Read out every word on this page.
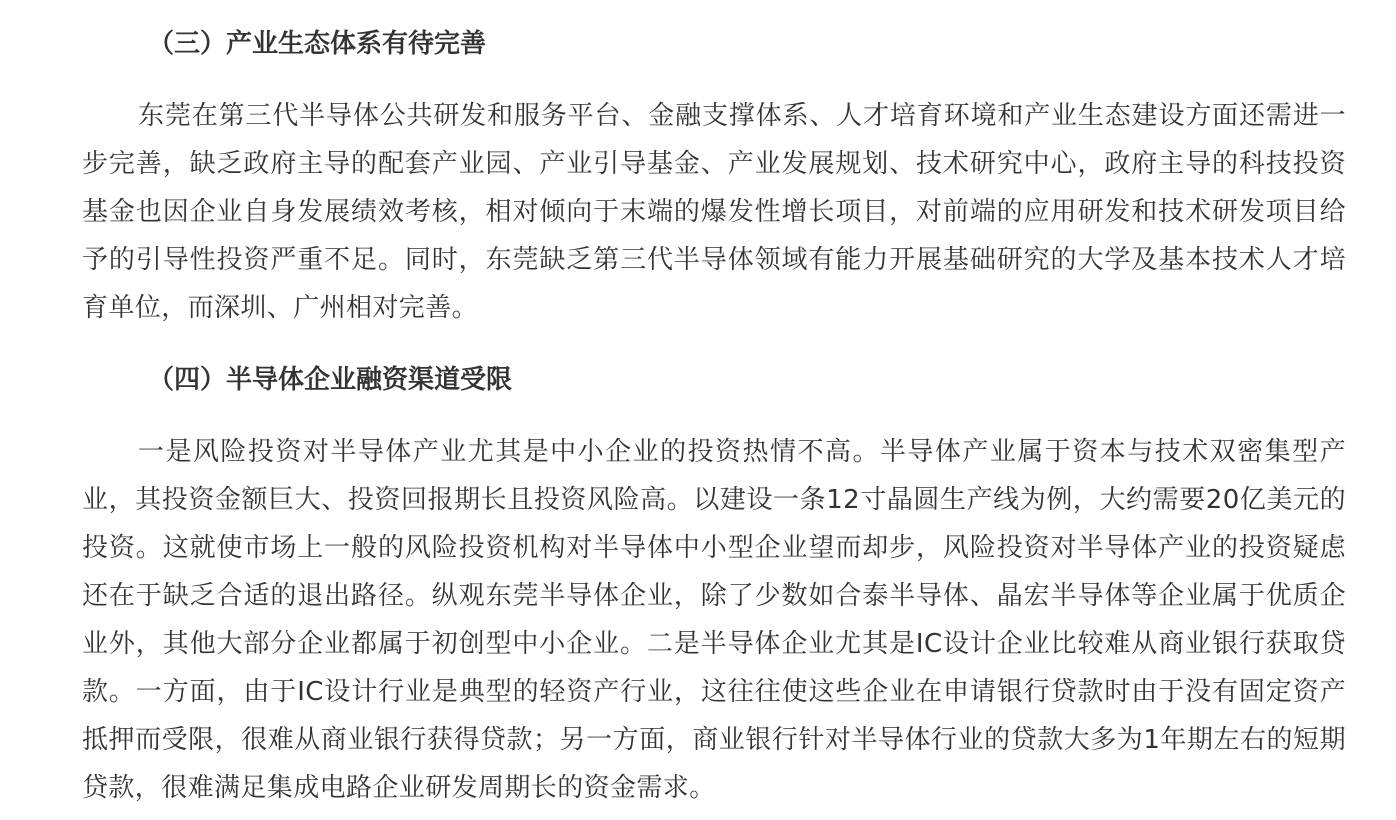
（三）产业生态体系有待完善

东莞在第三代半导体公共研发和服务平台、金融支撑体系、人才培育环境和产业生态建设方面还需进一步完善，缺乏政府主导的配套产业园、产业引导基金、产业发展规划、技术研究中心，政府主导的科技投资基金也因企业自身发展绩效考核，相对倾向于末端的爆发性增长项目，对前端的应用研发和技术研发项目给予的引导性投资严重不足。同时，东莞缺乏第三代半导体领域有能力开展基础研究的大学及基本技术人才培育单位，而深圳、广州相对完善。

（四）半导体企业融资渠道受限

一是风险投资对半导体产业尤其是中小企业的投资热情不高。半导体产业属于资本与技术双密集型产业，其投资金额巨大、投资回报期长且投资风险高。以建设一条12寸晶圆生产线为例，大约需要20亿美元的投资。这就使市场上一般的风险投资机构对半导体中小型企业望而却步，风险投资对半导体产业的投资疑虑还在于缺乏合适的退出路径。纵观东莞半导体企业，除了少数如合泰半导体、晶宏半导体等企业属于优质企业外，其他大部分企业都属于初创型中小企业。二是半导体企业尤其是IC设计企业比较难从商业银行获取贷款。一方面，由于IC设计行业是典型的轻资产行业，这往往使这些企业在申请银行贷款时由于没有固定资产抵押而受限，很难从商业银行获得贷款；另一方面，商业银行针对半导体行业的贷款大多为1年期左右的短期贷款，很难满足集成电路企业研发周期长的资金需求。
